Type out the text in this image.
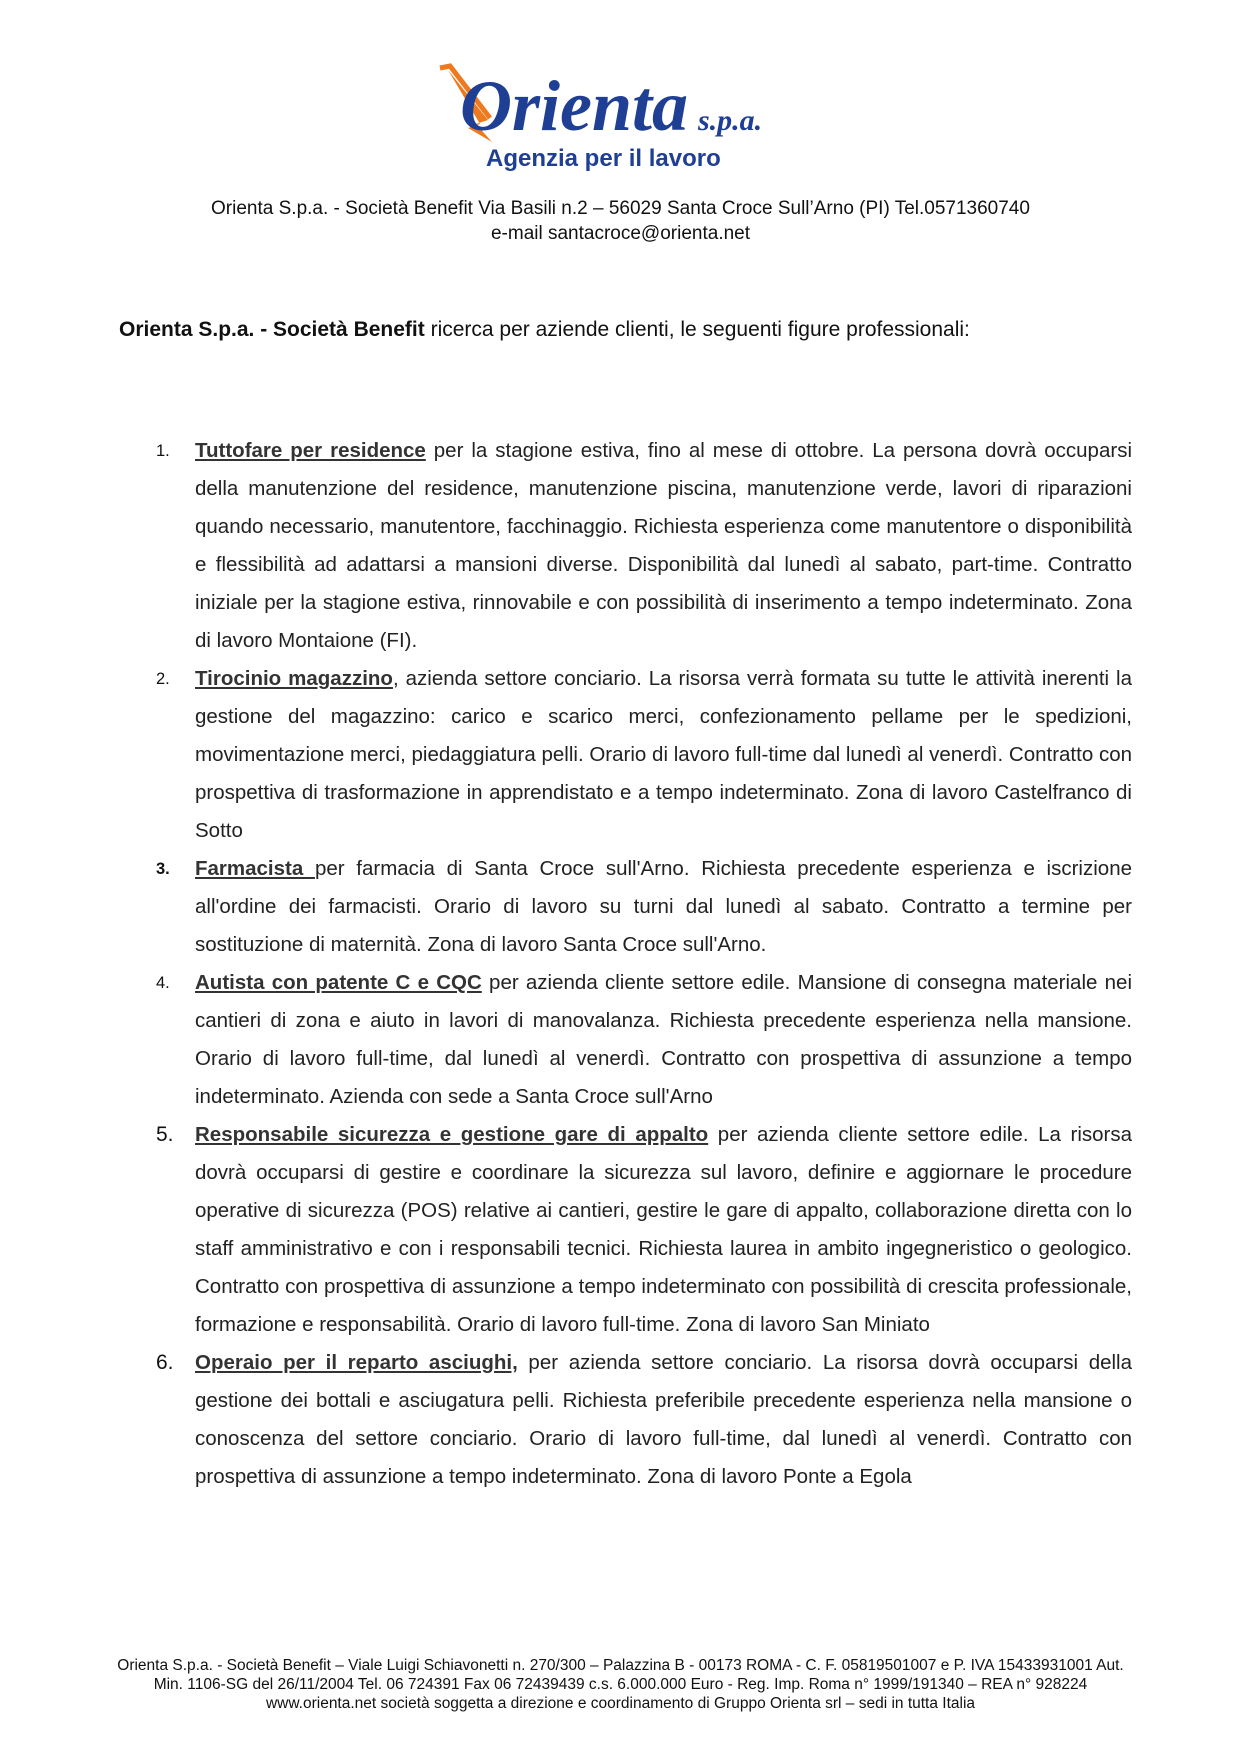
Orienta s.p.a.
Agenzia per il lavoro
Orienta S.p.a. - Società Benefit Via Basili n.2 – 56029 Santa Croce Sull’Arno (PI) Tel.0571360740
e-mail santacroce@orienta.net
Orienta S.p.a. - Società Benefit ricerca per aziende clienti, le seguenti figure professionali:
1. Tuttofare per residence per la stagione estiva, fino al mese di ottobre. La persona dovrà occuparsi della manutenzione del residence, manutenzione piscina, manutenzione verde, lavori di riparazioni quando necessario, manutentore, facchinaggio. Richiesta esperienza come manutentore o disponibilità e flessibilità ad adattarsi a mansioni diverse. Disponibilità dal lunedì al sabato, part-time. Contratto iniziale per la stagione estiva, rinnovabile e con possibilità di inserimento a tempo indeterminato. Zona di lavoro Montaione (FI).
2. Tirocinio magazzino, azienda settore conciario. La risorsa verrà formata su tutte le attività inerenti la gestione del magazzino: carico e scarico merci, confezionamento pellame per le spedizioni, movimentazione merci, piedaggiatura pelli. Orario di lavoro full-time dal lunedì al venerdì. Contratto con prospettiva di trasformazione in apprendistato e a tempo indeterminato. Zona di lavoro Castelfranco di Sotto
3. Farmacista per farmacia di Santa Croce sull'Arno. Richiesta precedente esperienza e iscrizione all'ordine dei farmacisti. Orario di lavoro su turni dal lunedì al sabato. Contratto a termine per sostituzione di maternità. Zona di lavoro Santa Croce sull'Arno.
4. Autista con patente C e CQC per azienda cliente settore edile. Mansione di consegna materiale nei cantieri di zona e aiuto in lavori di manovalanza. Richiesta precedente esperienza nella mansione. Orario di lavoro full-time, dal lunedì al venerdì. Contratto con prospettiva di assunzione a tempo indeterminato. Azienda con sede a Santa Croce sull'Arno
5. Responsabile sicurezza e gestione gare di appalto per azienda cliente settore edile. La risorsa dovrà occuparsi di gestire e coordinare la sicurezza sul lavoro, definire e aggiornare le procedure operative di sicurezza (POS) relative ai cantieri, gestire le gare di appalto, collaborazione diretta con lo staff amministrativo e con i responsabili tecnici. Richiesta laurea in ambito ingegneristico o geologico. Contratto con prospettiva di assunzione a tempo indeterminato con possibilità di crescita professionale, formazione e responsabilità. Orario di lavoro full-time. Zona di lavoro San Miniato
6. Operaio per il reparto asciughi, per azienda settore conciario. La risorsa dovrà occuparsi della gestione dei bottali e asciugatura pelli. Richiesta preferibile precedente esperienza nella mansione o conoscenza del settore conciario. Orario di lavoro full-time, dal lunedì al venerdì. Contratto con prospettiva di assunzione a tempo indeterminato. Zona di lavoro Ponte a Egola
Orienta S.p.a. - Società Benefit – Viale Luigi Schiavonetti n. 270/300 – Palazzina B - 00173 ROMA - C. F. 05819501007 e P. IVA 15433931001 Aut.
Min. 1106-SG del 26/11/2004 Tel. 06 724391 Fax 06 72439439 c.s. 6.000.000 Euro - Reg. Imp. Roma n° 1999/191340 – REA n° 928224
www.orienta.net società soggetta a direzione e coordinamento di Gruppo Orienta srl – sedi in tutta Italia
